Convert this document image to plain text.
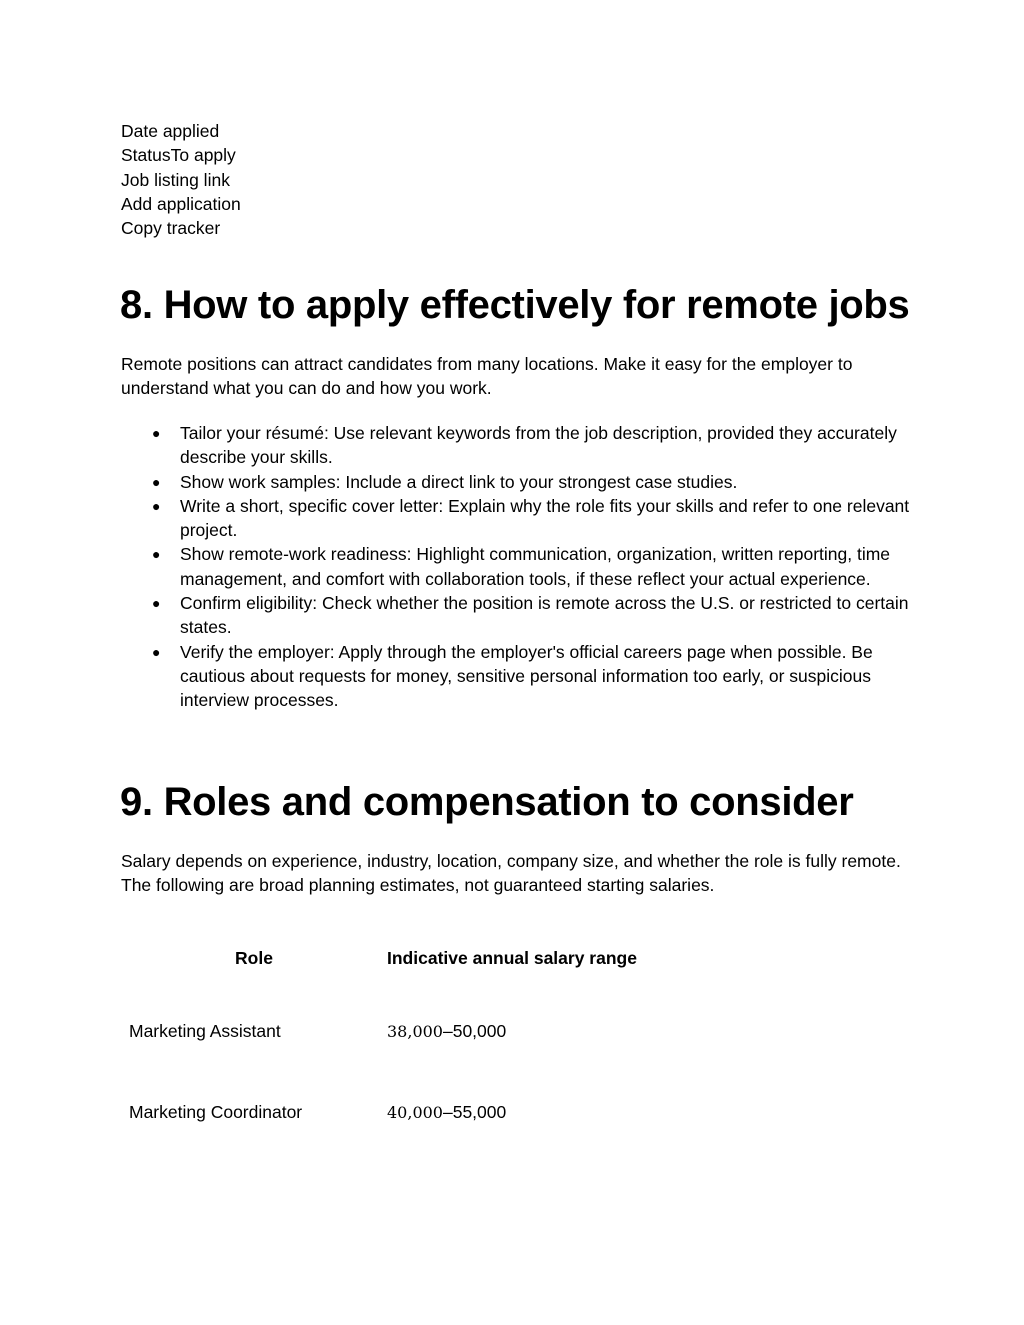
Date applied
StatusTo apply
Job listing link
Add application
Copy tracker
8. How to apply effectively for remote jobs

Remote positions can attract candidates from many locations. Make it easy for the employer to understand what you can do and how you work.

● Tailor your résumé: Use relevant keywords from the job description, provided they accurately describe your skills.
● Show work samples: Include a direct link to your strongest case studies.
● Write a short, specific cover letter: Explain why the role fits your skills and refer to one relevant project.
● Show remote-work readiness: Highlight communication, organization, written reporting, time management, and comfort with collaboration tools, if these reflect your actual experience.
● Confirm eligibility: Check whether the position is remote across the U.S. or restricted to certain states.
● Verify the employer: Apply through the employer's official careers page when possible. Be cautious about requests for money, sensitive personal information too early, or suspicious interview processes.
9. Roles and compensation to consider

Salary depends on experience, industry, location, company size, and whether the role is fully remote. The following are broad planning estimates, not guaranteed starting salaries.

Role	Indicative annual salary range
Marketing Assistant	38,000–50,000
Marketing Coordinator	40,000–55,000
